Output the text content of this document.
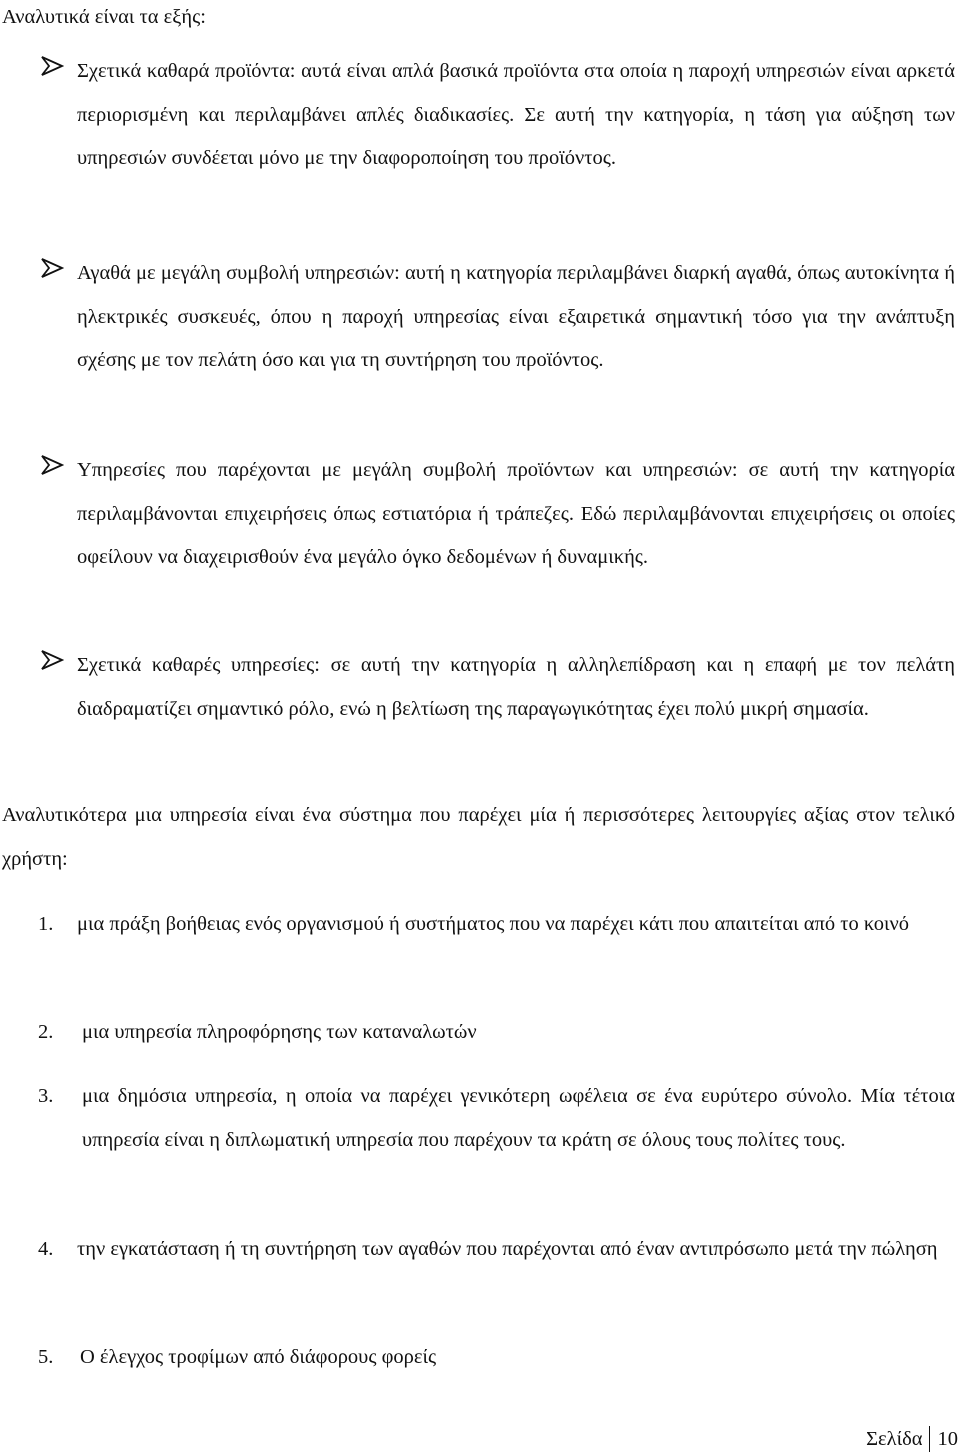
Αναλυτικά είναι τα εξής:

Σχετικά καθαρά προϊόντα: αυτά είναι απλά βασικά προϊόντα στα οποία η παροχή υπηρεσιών είναι αρκετά περιορισμένη και περιλαμβάνει απλές διαδικασίες. Σε αυτή την κατηγορία, η τάση για αύξηση των υπηρεσιών συνδέεται μόνο με την διαφοροποίηση του προϊόντος.

Αγαθά με μεγάλη συμβολή υπηρεσιών: αυτή η κατηγορία περιλαμβάνει διαρκή αγαθά, όπως αυτοκίνητα ή ηλεκτρικές συσκευές, όπου η παροχή υπηρεσίας είναι εξαιρετικά σημαντική τόσο για την ανάπτυξη σχέσης με τον πελάτη όσο και για τη συντήρηση του προϊόντος.

Υπηρεσίες που παρέχονται με μεγάλη συμβολή προϊόντων και υπηρεσιών: σε αυτή την κατηγορία περιλαμβάνονται επιχειρήσεις όπως εστιατόρια ή τράπεζες. Εδώ περιλαμβάνονται επιχειρήσεις οι οποίες οφείλουν να διαχειρισθούν ένα μεγάλο όγκο δεδομένων ή δυναμικής.

Σχετικά καθαρές υπηρεσίες: σε αυτή την κατηγορία η αλληλεπίδραση και η επαφή με τον πελάτη διαδραματίζει σημαντικό ρόλο, ενώ η βελτίωση της παραγωγικότητας έχει πολύ μικρή σημασία.

Αναλυτικότερα μια υπηρεσία είναι ένα σύστημα που παρέχει μία ή περισσότερες λειτουργίες αξίας στον τελικό χρήστη:

1. μια πράξη βοήθειας ενός οργανισμού ή συστήματος που να παρέχει κάτι που απαιτείται από το κοινό

2. μια υπηρεσία πληροφόρησης των καταναλωτών

3. μια δημόσια υπηρεσία, η οποία να παρέχει γενικότερη ωφέλεια σε ένα ευρύτερο σύνολο. Μία τέτοια υπηρεσία είναι η διπλωματική υπηρεσία που παρέχουν τα κράτη σε όλους τους πολίτες τους.

4. την εγκατάσταση ή τη συντήρηση των αγαθών που παρέχονται από έναν αντιπρόσωπο μετά την πώληση

5. Ο έλεγχος τροφίμων από διάφορους φορείς

Σελίδα 10
